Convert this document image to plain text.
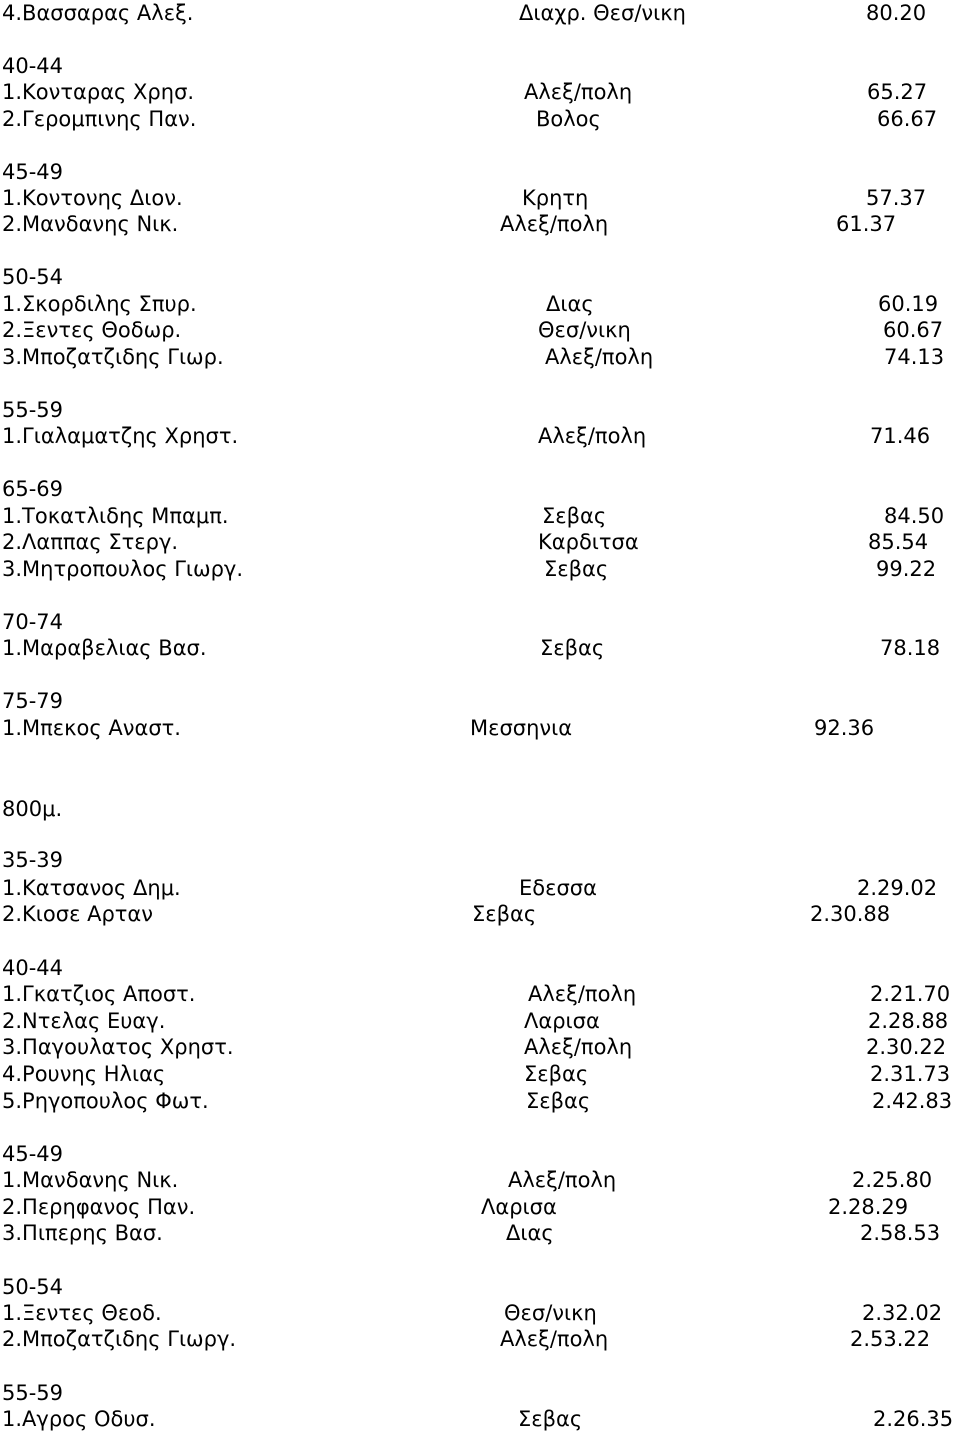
4.Βασσαρας Αλεξ.	Διαχρ. Θεσ/νικη	80.20
40-44
1.Κονταρας Χρησ.	Αλεξ/πολη	65.27
2.Γερομπινης Παν.	Βολος	66.67
45-49
1.Κοντονης Διον.	Κρητη	57.37
2.Μανδανης Νικ.	Αλεξ/πολη	61.37
50-54
1.Σκορδιλης Σπυρ.	Διας	60.19
2.Ξεντες Θοδωρ.	Θεσ/νικη	60.67
3.Μποζατζιδης Γιωρ.	Αλεξ/πολη	74.13
55-59
1.Γιαλαματζης Χρηστ.	Αλεξ/πολη	71.46
65-69
1.Τοκατλιδης Μπαμπ.	Σεβας	84.50
2.Λαππας Στεργ.	Καρδιτσα	85.54
3.Μητροπουλος Γιωργ.	Σεβας	99.22
70-74
1.Μαραβελιας Βασ.	Σεβας	78.18
75-79
1.Μπεκος Αναστ.	Μεσσηνια	92.36
800μ.
35-39
1.Κατσανος Δημ.	Εδεσσα	2.29.02
2.Κιοσε Αρταν	Σεβας	2.30.88
40-44
1.Γκατζιος Αποστ.	Αλεξ/πολη	2.21.70
2.Ντελας Ευαγ.	Λαρισα	2.28.88
3.Παγουλατος Χρηστ.	Αλεξ/πολη	2.30.22
4.Ρουνης Ηλιας	Σεβας	2.31.73
5.Ρηγοπουλος Φωτ.	Σεβας	2.42.83
45-49
1.Μανδανης Νικ.	Αλεξ/πολη	2.25.80
2.Περηφανος Παν.	Λαρισα	2.28.29
3.Πιπερης Βασ.	Διας	2.58.53
50-54
1.Ξεντες Θεοδ.	Θεσ/νικη	2.32.02
2.Μποζατζιδης Γιωργ.	Αλεξ/πολη	2.53.22
55-59
1.Αγρος Οδυσ.	Σεβας	2.26.35
